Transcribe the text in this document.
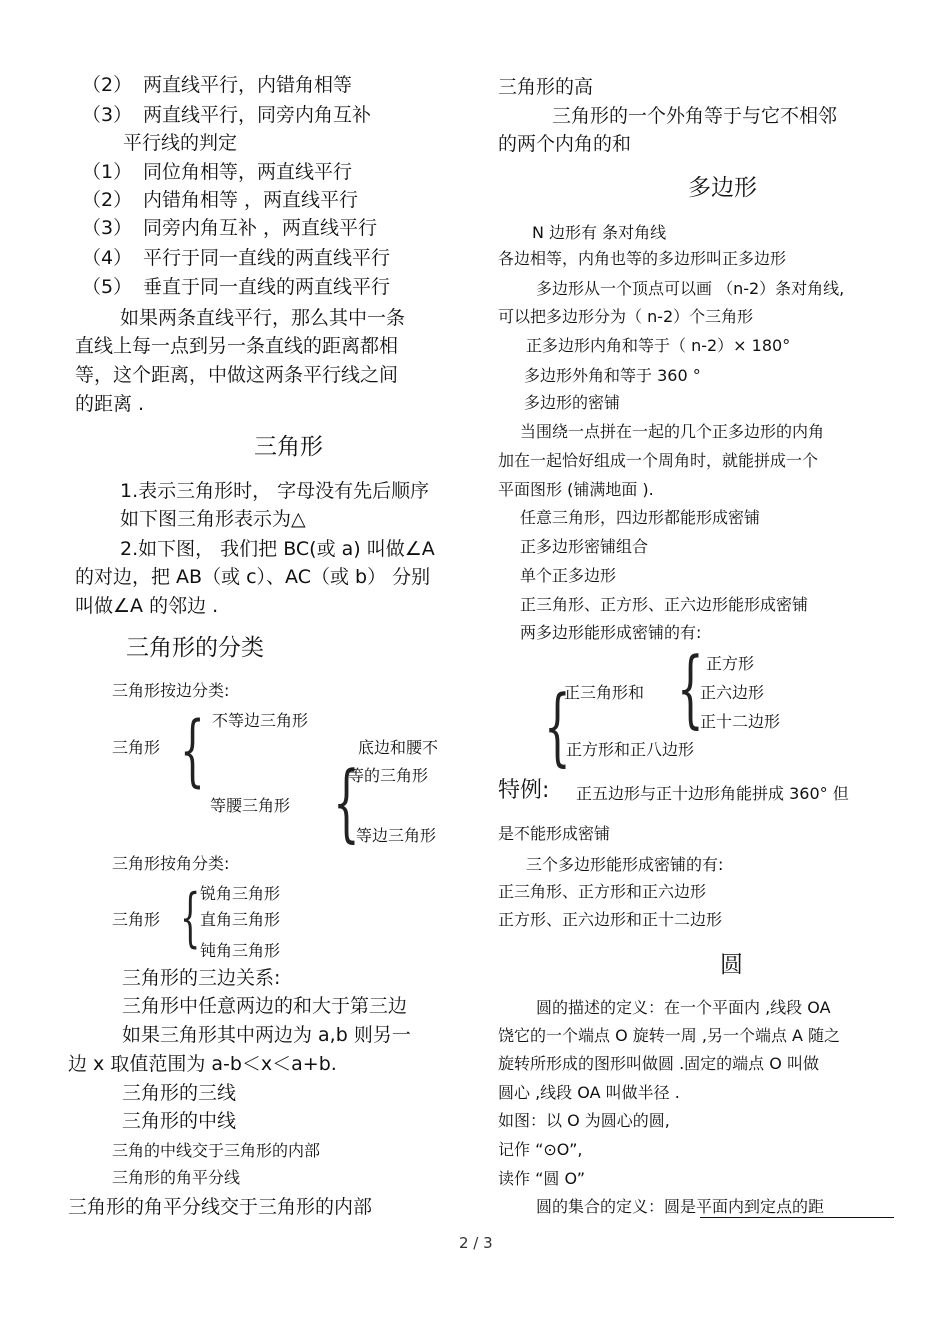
（2） 两直线平行，内错角相等
（3） 两直线平行，同旁内角互补
平行线的判定
（1） 同位角相等，两直线平行
（2） 内错角相等 ，两直线平行
（3） 同旁内角互补 ，两直线平行
（4） 平行于同一直线的两直线平行
（5） 垂直于同一直线的两直线平行
如果两条直线平行，那么其中一条
直线上每一点到另一条直线的距离都相
等，这个距离，中做这两条平行线之间
的距离 .
三角形
1.表示三角形时， 字母没有先后顺序
如下图三角形表示为△
2.如下图， 我们把 BC(或 a) 叫做∠A
的对边，把 AB（或 c）、AC（或 b） 分别
叫做∠A 的邻边 .
三角形的分类
三角形按边分类:
三角形 { 不等边三角形
等腰三角形 {
底边和腰不
等的三角形
等边三角形
三角形按角分类:
三角形 { 锐角三角形
直角三角形
钝角三角形
三角形的三边关系:
三角形中任意两边的和大于第三边
如果三角形其中两边为 a,b 则另一
边 x 取值范围为 a-b＜x＜a+b.
三角形的三线
三角形的中线
三角的中线交于三角形的内部
三角形的角平分线
三角形的角平分线交于三角形的内部
三角形的高
三角形的一个外角等于与它不相邻
的两个内角的和
多边形
N 边形有 条对角线
各边相等，内角也等的多边形叫正多边形
多边形从一个顶点可以画 （n-2）条对角线,
可以把多边形分为（ n-2）个三角形
正多边形内角和等于（ n-2）× 180°
多边形外角和等于 360 °
多边形的密铺
当围绕一点拼在一起的几个正多边形的内角
加在一起恰好组成一个周角时，就能拼成一个
平面图形 (铺满地面 ).
任意三角形，四边形都能形成密铺
正多边形密铺组合
单个正多边形
正三角形、正方形、正六边形能形成密铺
两多边形能形成密铺的有:
{
{
正三角形和
正方形
正六边形
正十二边形
正方形和正八边形
特例: 正五边形与正十边形角能拼成 360° 但
是不能形成密铺
三个多边形能形成密铺的有:
正三角形、正方形和正六边形
正方形、正六边形和正十二边形
圆
圆的描述的定义：在一个平面内 ,线段 OA
饶它的一个端点 O 旋转一周 ,另一个端点 A 随之
旋转所形成的图形叫做圆 .固定的端点 O 叫做
圆心 ,线段 OA 叫做半径 .
如图：以 O 为圆心的圆,
记作 “⊙O”,
读作 “圆 O”
圆的集合的定义：圆是平面内到定点的距
2 / 3
